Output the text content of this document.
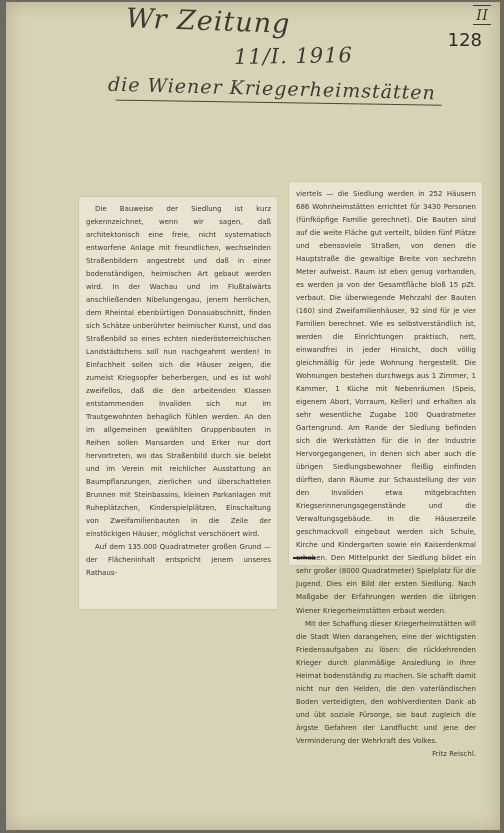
Wr Zeitung
11/I. 1916
die Wiener Kriegerheimstätten
II
128

Die Bauweise der Siedlung ist kurz gekennzeichnet, wenn wir sagen, daß architektonisch eine freie, nicht systematisch entworfene Anlage mit freundlichen, wechselnden Straßenbildern angestrebt und daß in einer bodenständigen, heimischen Art gebaut werden wird. In der Wachau und im Flußtalwärts anschließenden Nibelungengau, jenem herrlichen, dem Rheintal ebenbürtigen Donauabschnitt, finden sich Schätze unberührter heimischer Kunst, und das Straßenbild so eines echten niederösterreichischen Landstädtchens soll nun nachgeahmt werden! In Einfachheit sollen sich die Häuser zeigen, die zumeist Kriegsopfer beherbergen, und es ist wohl zweifellos, daß die den arbeitenden Klassen entstammenden Invaliden sich nur im Trautgewohnten behaglich fühlen werden. An den im allgemeinen gewählten Gruppenbauten in Reihen sollen Mansarden und Erker nur dort hervortreten, wo das Straßenbild durch sie belebt und im Verein mit reichlicher Ausstattung an Baumpflanzungen, zierlichen und überschatteten Brunnen mit Steinbassins, kleinen Parkanlagen mit Ruheplätzchen, Kinderspielplätzen, Einschaltung von Zweifamilienbauten in die Zeile der einstöckigen Häuser, möglichst verschönert wird.

Auf dem 135.000 Quadratmeter großen Grund — der Flächeninhalt entspricht jenem unseres Rathaus-

viertels — die Siedlung werden in 252 Häusern 686 Wohnheimstätten errichtet für 3430 Personen (fünfköpfige Familie gerechnet). Die Bauten sind auf die weite Fläche gut verteilt, bilden fünf Plätze und ebensoviele Straßen, von denen die Hauptstraße die gewaltige Breite von sechzehn Meter aufweist. Raum ist eben genug vorhanden, es werden ja von der Gesamtfläche bloß 15 pZt. verbaut. Die überwiegende Mehrzahl der Bauten (160) sind Zweifamilienhäuser, 92 sind für je vier Familien berechnet. Wie es selbstverständlich ist, werden die Einrichtungen praktisch, nett, einwandfrei in jeder Hinsicht, doch völlig gleichmäßig für jede Wohnung hergestellt. Die Wohnungen bestehen durchwegs aus 1 Zimmer, 1 Kammer, 1 Küche mit Nebenräumen (Speis, eigenem Abort, Vorraum, Keller) und erhalten als sehr wesentliche Zugabe 100 Quadratmeter Gartengrund. Am Rande der Siedlung befinden sich die Werkstätten für die in der Industrie Hervorgegangenen, in denen sich aber auch die übrigen Siedlungsbewohner fleißig einfinden dürften, dann Räume zur Schaustellung der von den Invaliden etwa mitgebrachten Kriegserinnerungsgegenstände und die Verwaltungsgebäude. In die Häuserzeile geschmackvoll eingebaut werden sich Schule, Kirche und Kindergarten sowie ein Kaiserdenkmal erheben. Den Mittelpunkt der Siedlung bildet ein sehr großer (8000 Quadratmeter) Spielplatz für die Jugend. Dies ein Bild der ersten Siedlung. Nach Maßgabe der Erfahrungen werden die übrigen Wiener Kriegerheimstätten erbaut werden.

Mit der Schaffung dieser Kriegerheimstätten will die Stadt Wien darangehen, eine der wichtigsten Friedensaufgaben zu lösen: die rückkehrenden Krieger durch planmäßige Ansiedlung in ihrer Heimat bodenständig zu machen. Sie schafft damit nicht nur den Helden, die den vaterländischen Boden verteidigten, den wohlverdienten Dank ab und übt soziale Fürsorge, sie baut zugleich die ärgste Gefahren der Landflucht und jene der Verminderung der Wehrkraft des Volkes.

Fritz Reischl.
